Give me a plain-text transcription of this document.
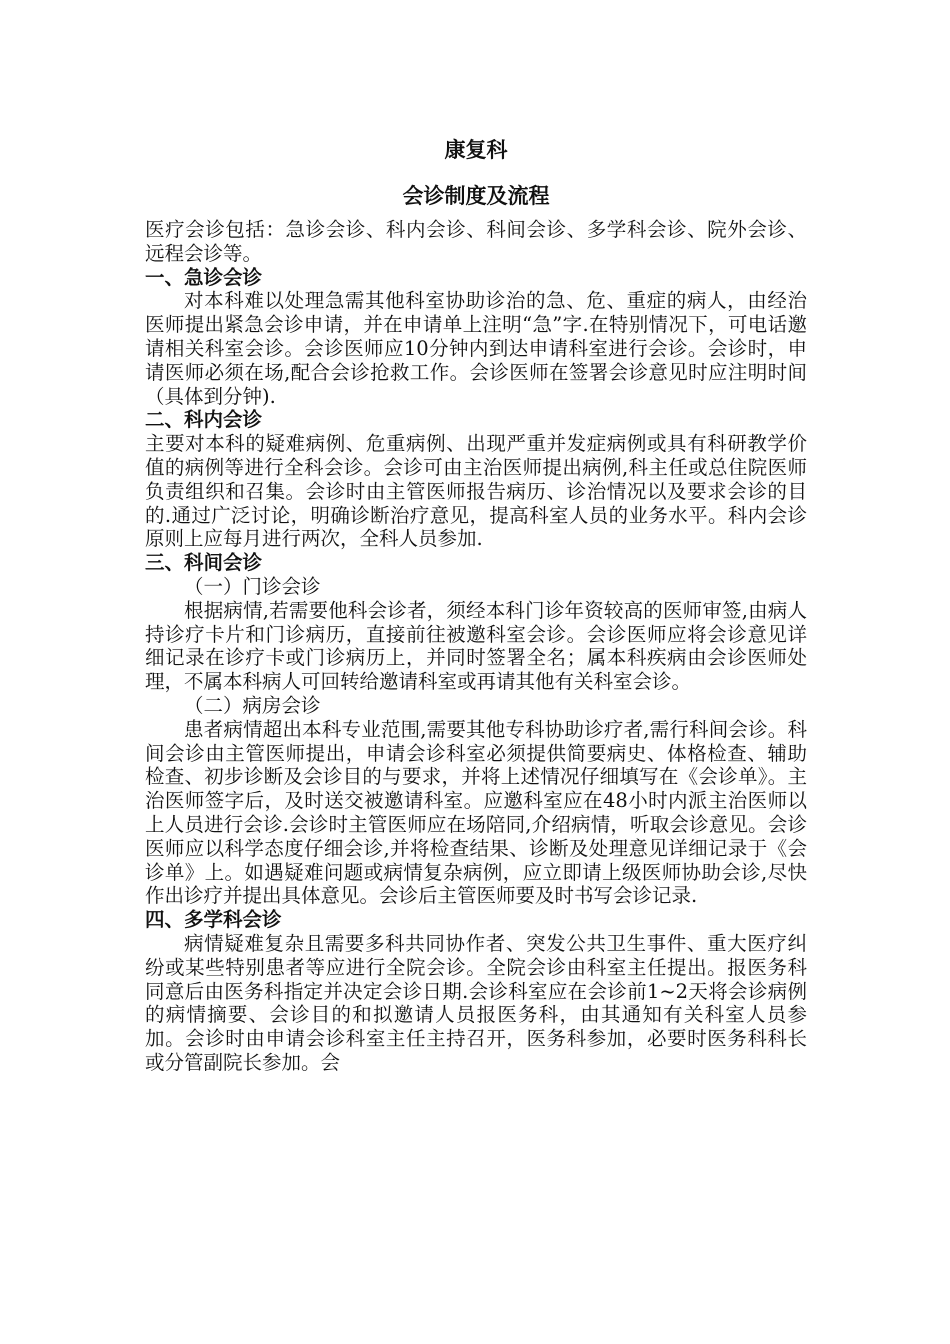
康复科
会诊制度及流程

医疗会诊包括：急诊会诊、科内会诊、科间会诊、多学科会诊、院外会诊、远程会诊等。

一、急诊会诊

对本科难以处理急需其他科室协助诊治的急、危、重症的病人，由经治医师提出紧急会诊申请，并在申请单上注明“急”字.在特别情况下，可电话邀请相关科室会诊。会诊医师应10分钟内到达申请科室进行会诊。会诊时，申请医师必须在场,配合会诊抢救工作。会诊医师在签署会诊意见时应注明时间（具体到分钟).

二、科内会诊

主要对本科的疑难病例、危重病例、出现严重并发症病例或具有科研教学价值的病例等进行全科会诊。会诊可由主治医师提出病例,科主任或总住院医师负责组织和召集。会诊时由主管医师报告病历、诊治情况以及要求会诊的目的.通过广泛讨论，明确诊断治疗意见，提高科室人员的业务水平。科内会诊原则上应每月进行两次，全科人员参加.

三、科间会诊

（一）门诊会诊

根据病情,若需要他科会诊者，须经本科门诊年资较高的医师审签,由病人持诊疗卡片和门诊病历，直接前往被邀科室会诊。会诊医师应将会诊意见详细记录在诊疗卡或门诊病历上，并同时签署全名；属本科疾病由会诊医师处理，不属本科病人可回转给邀请科室或再请其他有关科室会诊。

（二）病房会诊

患者病情超出本科专业范围,需要其他专科协助诊疗者,需行科间会诊。科间会诊由主管医师提出，申请会诊科室必须提供简要病史、体格检查、辅助检查、初步诊断及会诊目的与要求，并将上述情况仔细填写在《会诊单》。主治医师签字后，及时送交被邀请科室。应邀科室应在48小时内派主治医师以上人员进行会诊.会诊时主管医师应在场陪同,介绍病情，听取会诊意见。会诊医师应以科学态度仔细会诊,并将检查结果、诊断及处理意见详细记录于《会诊单》上。如遇疑难问题或病情复杂病例，应立即请上级医师协助会诊,尽快作出诊疗并提出具体意见。会诊后主管医师要及时书写会诊记录.

四、多学科会诊

病情疑难复杂且需要多科共同协作者、突发公共卫生事件、重大医疗纠纷或某些特别患者等应进行全院会诊。全院会诊由科室主任提出。报医务科同意后由医务科指定并决定会诊日期.会诊科室应在会诊前1~2天将会诊病例的病情摘要、会诊目的和拟邀请人员报医务科，由其通知有关科室人员参加。会诊时由申请会诊科室主任主持召开，医务科参加，必要时医务科科长或分管副院长参加。会
